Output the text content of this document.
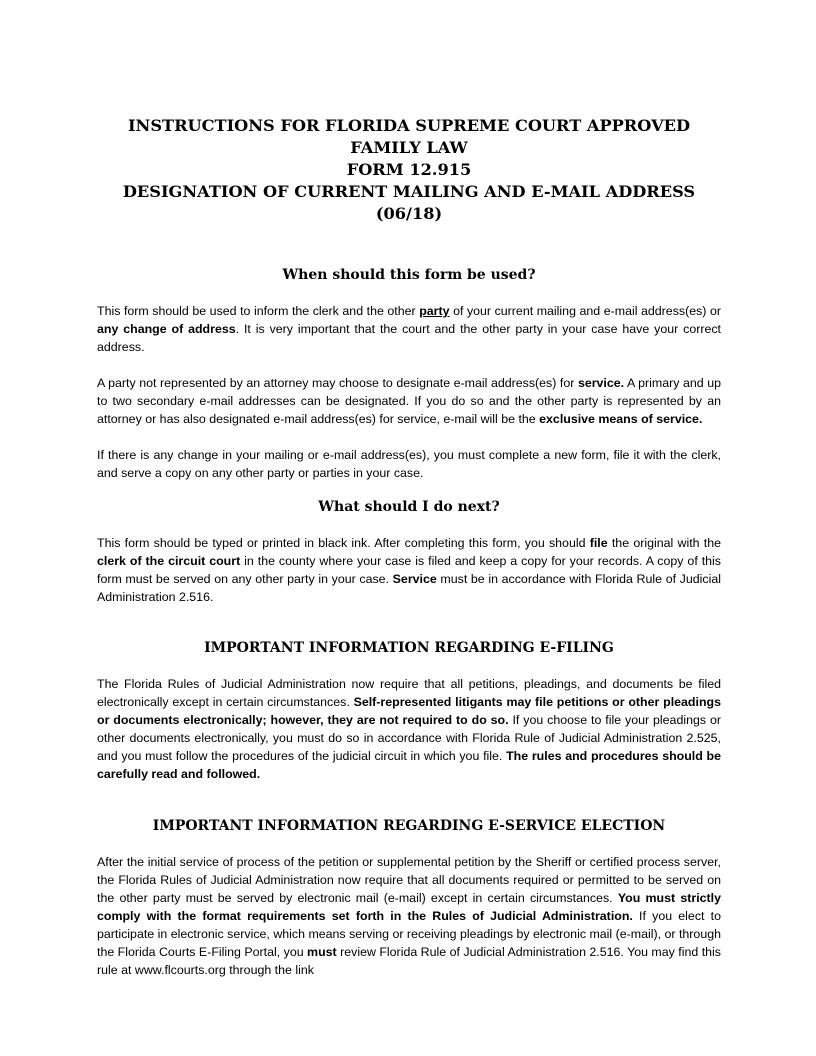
INSTRUCTIONS FOR FLORIDA SUPREME COURT APPROVED FAMILY LAW

FORM 12.915

DESIGNATION OF CURRENT MAILING AND E-MAIL ADDRESS

(06/18)

When should this form be used?

This form should be used to inform the clerk and the other party of your current mailing and e-mail address(es) or any change of address. It is very important that the court and the other party in your case have your correct address.

A party not represented by an attorney may choose to designate e-mail address(es) for service. A primary and up to two secondary e-mail addresses can be designated. If you do so and the other party is represented by an attorney or has also designated e-mail address(es) for service, e-mail will be the exclusive means of service.

If there is any change in your mailing or e-mail address(es), you must complete a new form, file it with the clerk, and serve a copy on any other party or parties in your case.

What should I do next?

This form should be typed or printed in black ink. After completing this form, you should file the original with the clerk of the circuit court in the county where your case is filed and keep a copy for your records. A copy of this form must be served on any other party in your case. Service must be in accordance with Florida Rule of Judicial Administration 2.516.

IMPORTANT INFORMATION REGARDING E-FILING

The Florida Rules of Judicial Administration now require that all petitions, pleadings, and documents be filed electronically except in certain circumstances. Self-represented litigants may file petitions or other pleadings or documents electronically; however, they are not required to do so. If you choose to file your pleadings or other documents electronically, you must do so in accordance with Florida Rule of Judicial Administration 2.525, and you must follow the procedures of the judicial circuit in which you file. The rules and procedures should be carefully read and followed.

IMPORTANT INFORMATION REGARDING E-SERVICE ELECTION

After the initial service of process of the petition or supplemental petition by the Sheriff or certified process server, the Florida Rules of Judicial Administration now require that all documents required or permitted to be served on the other party must be served by electronic mail (e-mail) except in certain circumstances. You must strictly comply with the format requirements set forth in the Rules of Judicial Administration. If you elect to participate in electronic service, which means serving or receiving pleadings by electronic mail (e-mail), or through the Florida Courts E-Filing Portal, you must review Florida Rule of Judicial Administration 2.516. You may find this rule at www.flcourts.org through the link
